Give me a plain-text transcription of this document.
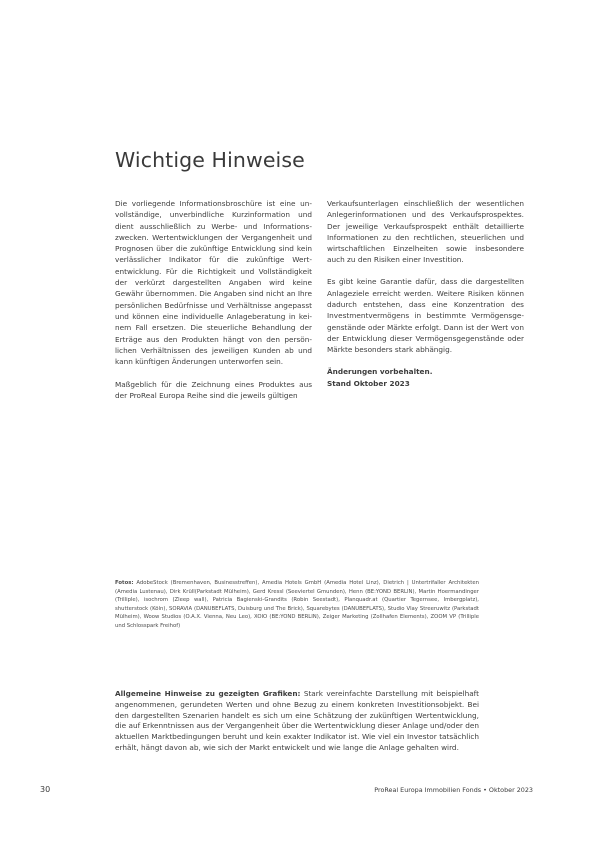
Wichtige Hinweise

Die vorliegende Informationsbroschüre ist eine unvollständige, unverbindliche Kurzinformation und dient ausschließlich zu Werbe- und Informationszwecken. Wertentwicklungen der Vergangenheit und Prognosen über die zukünftige Entwicklung sind kein verlässlicher Indikator für die zukünftige Wertentwicklung. Für die Richtigkeit und Vollständigkeit der verkürzt dargestellten Angaben wird keine Gewähr übernommen. Die Angaben sind nicht an Ihre persönlichen Bedürfnisse und Verhältnisse angepasst und können eine individuelle Anlageberatung in keinem Fall ersetzen. Die steuerliche Behandlung der Erträge aus den Produkten hängt von den persönlichen Verhältnissen des jeweiligen Kunden ab und kann künftigen Änderungen unterworfen sein.

Maßgeblich für die Zeichnung eines Produktes aus der ProReal Europa Reihe sind die jeweils gültigen

Verkaufsunterlagen einschließlich der wesentlichen Anlegerinformationen und des Verkaufsprospektes. Der jeweilige Verkaufsprospekt enthält detaillierte Informationen zu den rechtlichen, steuerlichen und wirtschaftlichen Einzelheiten sowie insbesondere auch zu den Risiken einer Investition.

Es gibt keine Garantie dafür, dass die dargestellten Anlageziele erreicht werden. Weitere Risiken können dadurch entstehen, dass eine Konzentration des Investmentvermögens in bestimmte Vermögensgegenstände oder Märkte erfolgt. Dann ist der Wert von der Entwicklung dieser Vermögensgegenstände oder Märkte besonders stark abhängig.

Änderungen vorbehalten.

Stand Oktober 2023

Fotos: AdobeStock (Bremenhaven, Businesstreffen), Amedia Hotels GmbH (Amedia Hotel Linz), Dietrich | Untertrifaller Architekten (Amedia Lustenau), Dirk Krüll(Parkstadt Mülheim), Gerd Kressl (Seeviertel Gmunden), Henn (BE:YOND BERLIN), Martin Hoermandinger (Trilliple), isochrom (Zleep wall), Patricia Bagienski-Grandits (Robin Seestadt), Planquadr.at (Quartier Tegernsee, Imbergplatz), shutterstock (Köln), SORAVIA (DANUBEFLATS, Duisburg und The Brick), Squarebytes (DANUBEFLATS), Studio Vlay Streeruwitz (Parkstadt Mülheim), Woow Studios (O.A.X. Vienna, Neu Leo), XOIO (BE:YOND BERLIN), Zeiger Marketing (Zollhafen Elements), ZOOM VP (Trilliple und Schlosspark Freihof)
Allgemeine Hinweise zu gezeigten Grafiken: Stark vereinfachte Darstellung mit beispielhaft angenommenen, gerundeten Werten und ohne Bezug zu einem konkreten Investitionsobjekt. Bei den dargestellten Szenarien handelt es sich um eine Schätzung der zukünftigen Wertentwicklung, die auf Erkenntnissen aus der Vergangenheit über die Wertentwicklung dieser Anlage und/oder den aktuellen Marktbedingungen beruht und kein exakter Indikator ist. Wie viel ein Investor tatsächlich erhält, hängt davon ab, wie sich der Markt entwickelt und wie lange die Anlage gehalten wird.
30	ProReal Europa Immobilien Fonds • Oktober 2023
